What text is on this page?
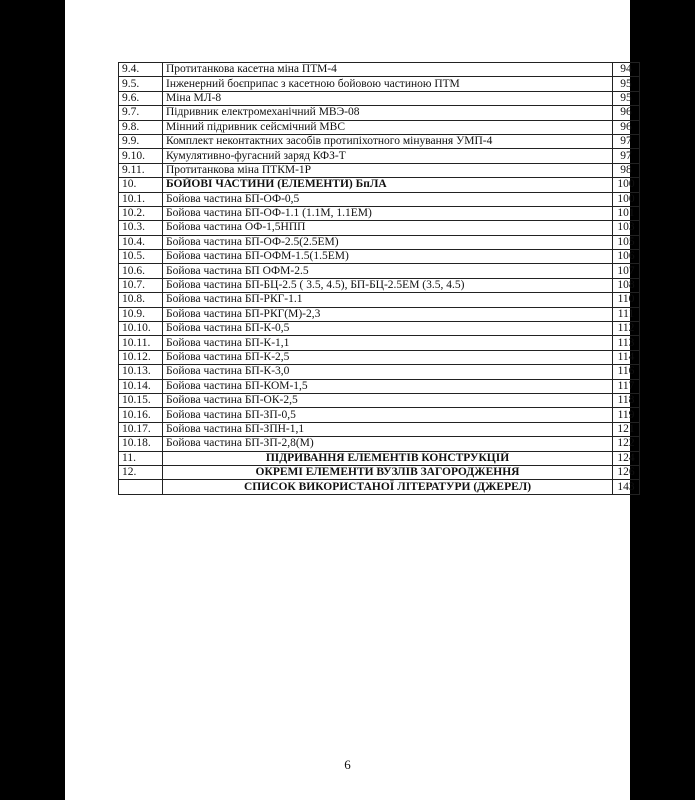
9.4.	Протитанкова касетна міна ПТМ-4	94
9.5.	Інженерний боєприпас з касетною бойовою частиною ПТМ	95
9.6.	Міна МЛ-8	95
9.7.	Підривник електромеханічний МВЭ-08	96
9.8.	Мінний підривник сейсмічний МВС	96
9.9.	Комплект неконтактних засобів протипіхотного мінування УМП-4	97
9.10.	Кумулятивно-фугасний заряд КФЗ-Т	97
9.11.	Протитанкова міна ПТКМ-1Р	98
10.	БОЙОВІ ЧАСТИНИ (ЕЛЕМЕНТИ) БпЛА	100
10.1.	Бойова частина БП-ОФ-0,5	100
10.2.	Бойова частина БП-ОФ-1.1 (1.1М, 1.1ЕМ)	101
10.3.	Бойова частина ОФ-1,5НПП	103
10.4.	Бойова частина БП-ОФ-2.5(2.5ЕМ)	105
10.5.	Бойова частина БП-ОФМ-1.5(1.5ЕМ)	106
10.6.	Бойова частина БП ОФМ-2.5	107
10.7.	Бойова частина БП-БЦ-2.5 ( 3.5, 4.5), БП-БЦ-2.5ЕМ (3.5, 4.5)	108
10.8.	Бойова частина БП-РКГ-1.1	110
10.9.	Бойова частина БП-РКГ(М)-2,3	111
10.10.	Бойова частина БП-К-0,5	112
10.11.	Бойова частина БП-К-1,1	113
10.12.	Бойова частина БП-К-2,5	114
10.13.	Бойова частина БП-К-3,0	116
10.14.	Бойова частина БП-КОМ-1,5	117
10.15.	Бойова частина БП-ОК-2,5	118
10.16.	Бойова частина БП-ЗП-0,5	119
10.17.	Бойова частина БП-ЗПН-1,1	121
10.18.	Бойова частина БП-ЗП-2,8(М)	122
11.	ПІДРИВАННЯ ЕЛЕМЕНТІВ КОНСТРУКЦІЙ	124
12.	ОКРЕМІ ЕЛЕМЕНТИ ВУЗЛІВ ЗАГОРОДЖЕННЯ	126
	СПИСОК ВИКОРИСТАНОЇ ЛІТЕРАТУРИ (ДЖЕРЕЛ)	143
6
